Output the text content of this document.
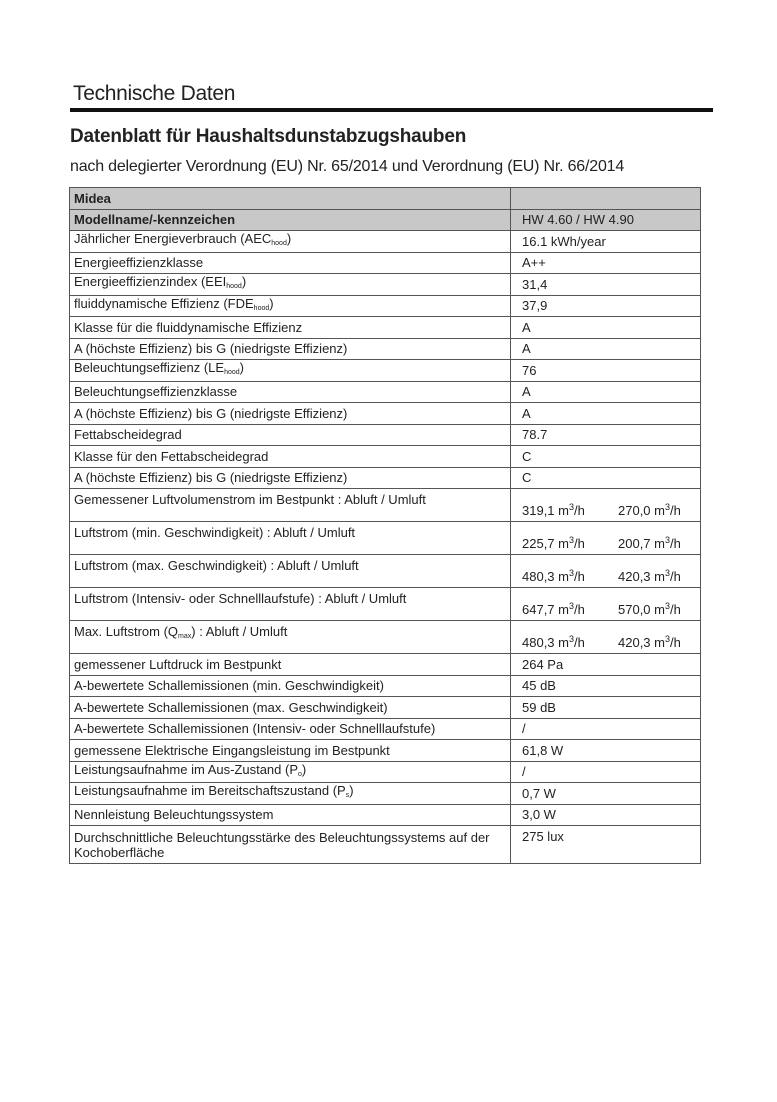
Technische Daten
Datenblatt für Haushaltsdunstabzugshauben
nach delegierter Verordnung (EU) Nr. 65/2014 und Verordnung (EU) Nr. 66/2014
Midea	
Modellname/-kennzeichen	HW 4.60 / HW 4.90
Jährlicher Energieverbrauch $(AEC_{hood})$	16.1 kWh/year
Energieeffizienzklasse	A++
Energieeffizienzindex $(EEI_{hood})$	31,4
fluiddynamische Effizienz $(FDE_{hood})$	37,9
Klasse für die fluiddynamische Effizienz	A
A (höchste Effizienz) bis G (niedrigste Effizienz)	A
Beleuchtungseffizienz $(LE_{hood})$	76
Beleuchtungseffizienzklasse	A
A (höchste Effizienz) bis G (niedrigste Effizienz)	A
Fettabscheidegrad	78.7
Klasse für den Fettabscheidegrad	C
A (höchste Effizienz) bis G (niedrigste Effizienz)	C
Gemessener Luftvolumenstrom im Bestpunkt : Abluft / Umluft	319,1 $m^3/h$ 270,0 $m^3/h$
Luftstrom (min. Geschwindigkeit) : Abluft / Umluft	225,7 $m^3/h$ 200,7 $m^3/h$
Luftstrom (max. Geschwindigkeit) : Abluft / Umluft	480,3 $m^3/h$ 420,3 $m^3/h$
Luftstrom (Intensiv- oder Schnelllaufstufe) : Abluft / Umluft	647,7 $m^3/h$ 570,0 $m^3/h$
Max. Luftstrom $(Q_{max})$ : Abluft / Umluft	480,3 $m^3/h$ 420,3 $m^3/h$
gemessener Luftdruck im Bestpunkt	264 Pa
A-bewertete Schallemissionen (min. Geschwindigkeit)	45 dB
A-bewertete Schallemissionen (max. Geschwindigkeit)	59 dB
A-bewertete Schallemissionen (Intensiv- oder Schnelllaufstufe)	/
gemessene Elektrische Eingangsleistung im Bestpunkt	61,8 W
Leistungsaufnahme im Aus-Zustand $(P_o)$	/
Leistungsaufnahme im Bereitschaftszustand $(P_s)$	0,7 W
Nennleistung Beleuchtungssystem	3,0 W
Durchschnittliche Beleuchtungsstärke des Beleuchtungssystems auf der Kochoberfläche	275 lux
